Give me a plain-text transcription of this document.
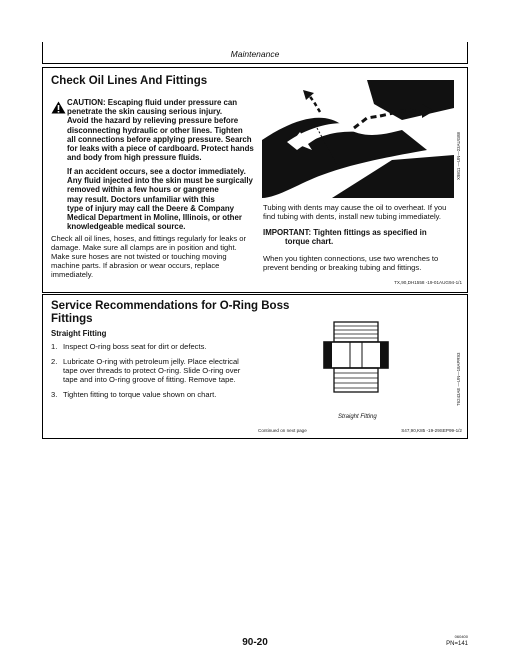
Maintenance
Check Oil Lines And Fittings
CAUTION: Escaping fluid under pressure can
penetrate the skin causing serious injury.
Avoid the hazard by relieving pressure before
disconnecting hydraulic or other lines. Tighten
all connections before applying pressure. Search
for leaks with a piece of cardboard. Protect hands
and body from high pressure fluids.
If an accident occurs, see a doctor immediately.
Any fluid injected into the skin must be surgically
removed within a few hours or gangrene
may result. Doctors unfamiliar with this
type of injury may call the Deere & Company
Medical Department in Moline, Illinois, or other
knowledgeable medical source.
Check all oil lines, hoses, and fittings regularly for leaks or
damage. Make sure all clamps are in position and tight.
Make sure hoses are not twisted or touching moving
machine parts. If abrasion or wear occurs, replace
immediately.
X9811 —UN—23AUG88
Tubing with dents may cause the oil to overheat. If you
find tubing with dents, install new tubing immediately.
IMPORTANT: Tighten fittings as specified in
torque chart.
When you tighten connections, use two wrenches to
prevent bending or breaking tubing and fittings.
TX,90,DH1558 -19-01AUG94-1/1
Service Recommendations for O-Ring Boss
Fittings
Straight Fitting
1. Inspect O-ring boss seat for dirt or defects.
2. Lubricate O-ring with petroleum jelly. Place electrical
tape over threads to protect O-ring. Slide O-ring over
tape and into O-ring groove of fitting. Remove tape.
3. Tighten fitting to torque value shown on chart.	T6243AE —UN—18APR93
Straight Fitting
Continued on next page	S47,90,K85 -19-29SEP99-1/2
90-20
060400
PN=141
